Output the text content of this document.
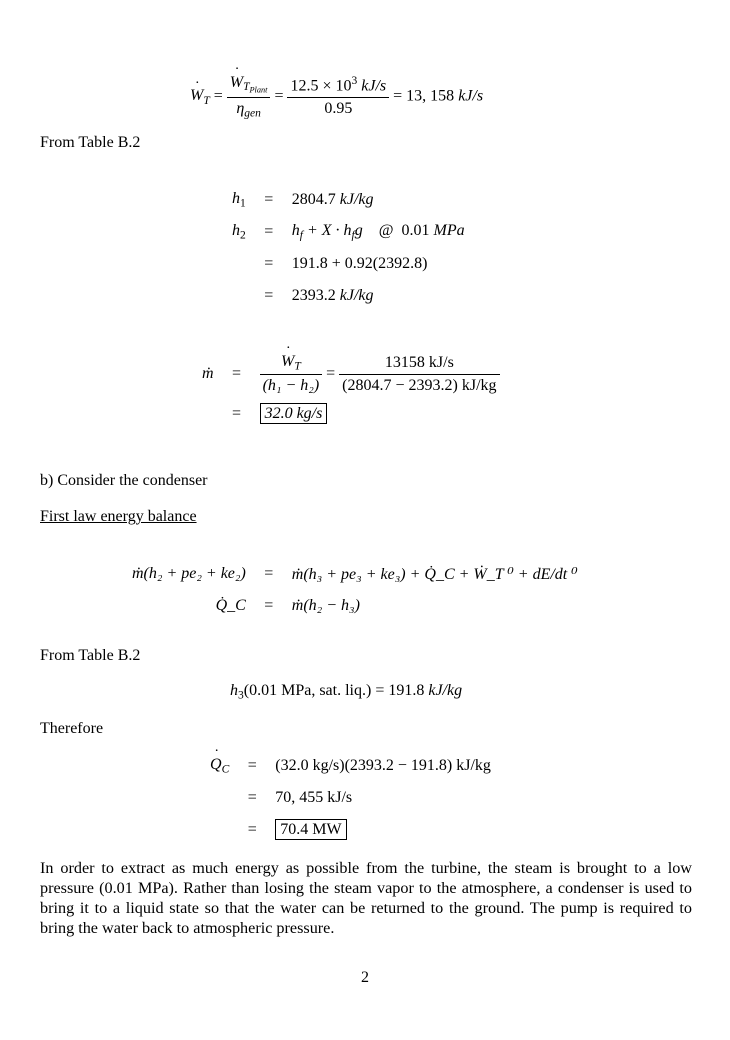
˙ $W_T$ = ˙ $\frac{W_{T_{Plant}}}{\eta_{gen}} = \frac{12.5 \times 10^3 kJ/s}{0.95} = 13$, 158 kJ/s
From Table B.2
$h_1$	=	2804.7 kJ/kg
$h_2$	=	$h_f + X \cdot h_fg$    @  0.01 MPa
	=	191.8 + 0.92(2392.8)
	=	2393.2 kJ/kg
ṁ	=	˙ $\frac{W_T}{\text{(h₁ − h₂)}} = \frac{13158 kJ/s}{(2804.7 - 2393.2) kJ/kg}$

	=	32.0 kg/s
b) Consider the condenser
First law energy balance
ṁ(h₂ + pe₂ + ke₂)	=	ṁ(h₃ + pe₃ + ke₃) + Q̇_C + Ẇ_T ⁰ + dE/dt ⁰
Q̇_C	=	ṁ(h₂ − h₃)
From Table B.2
$h_3(0.01$ MPa, sat. liq.) = 191.8 kJ/kg
Therefore
˙ $Q_C$	=	(32.0 kg/s)(2393.2 − 191.8) kJ/kg
	=	70, 455 kJ/s
	=	70.4 MW
In order to extract as much energy as possible from the turbine, the steam is brought to a low pressure (0.01 MPa). Rather than losing the steam vapor to the atmosphere, a condenser is used to bring it to a liquid state so that the water can be returned to the ground. The pump is required to bring the water back to atmospheric pressure.
2
